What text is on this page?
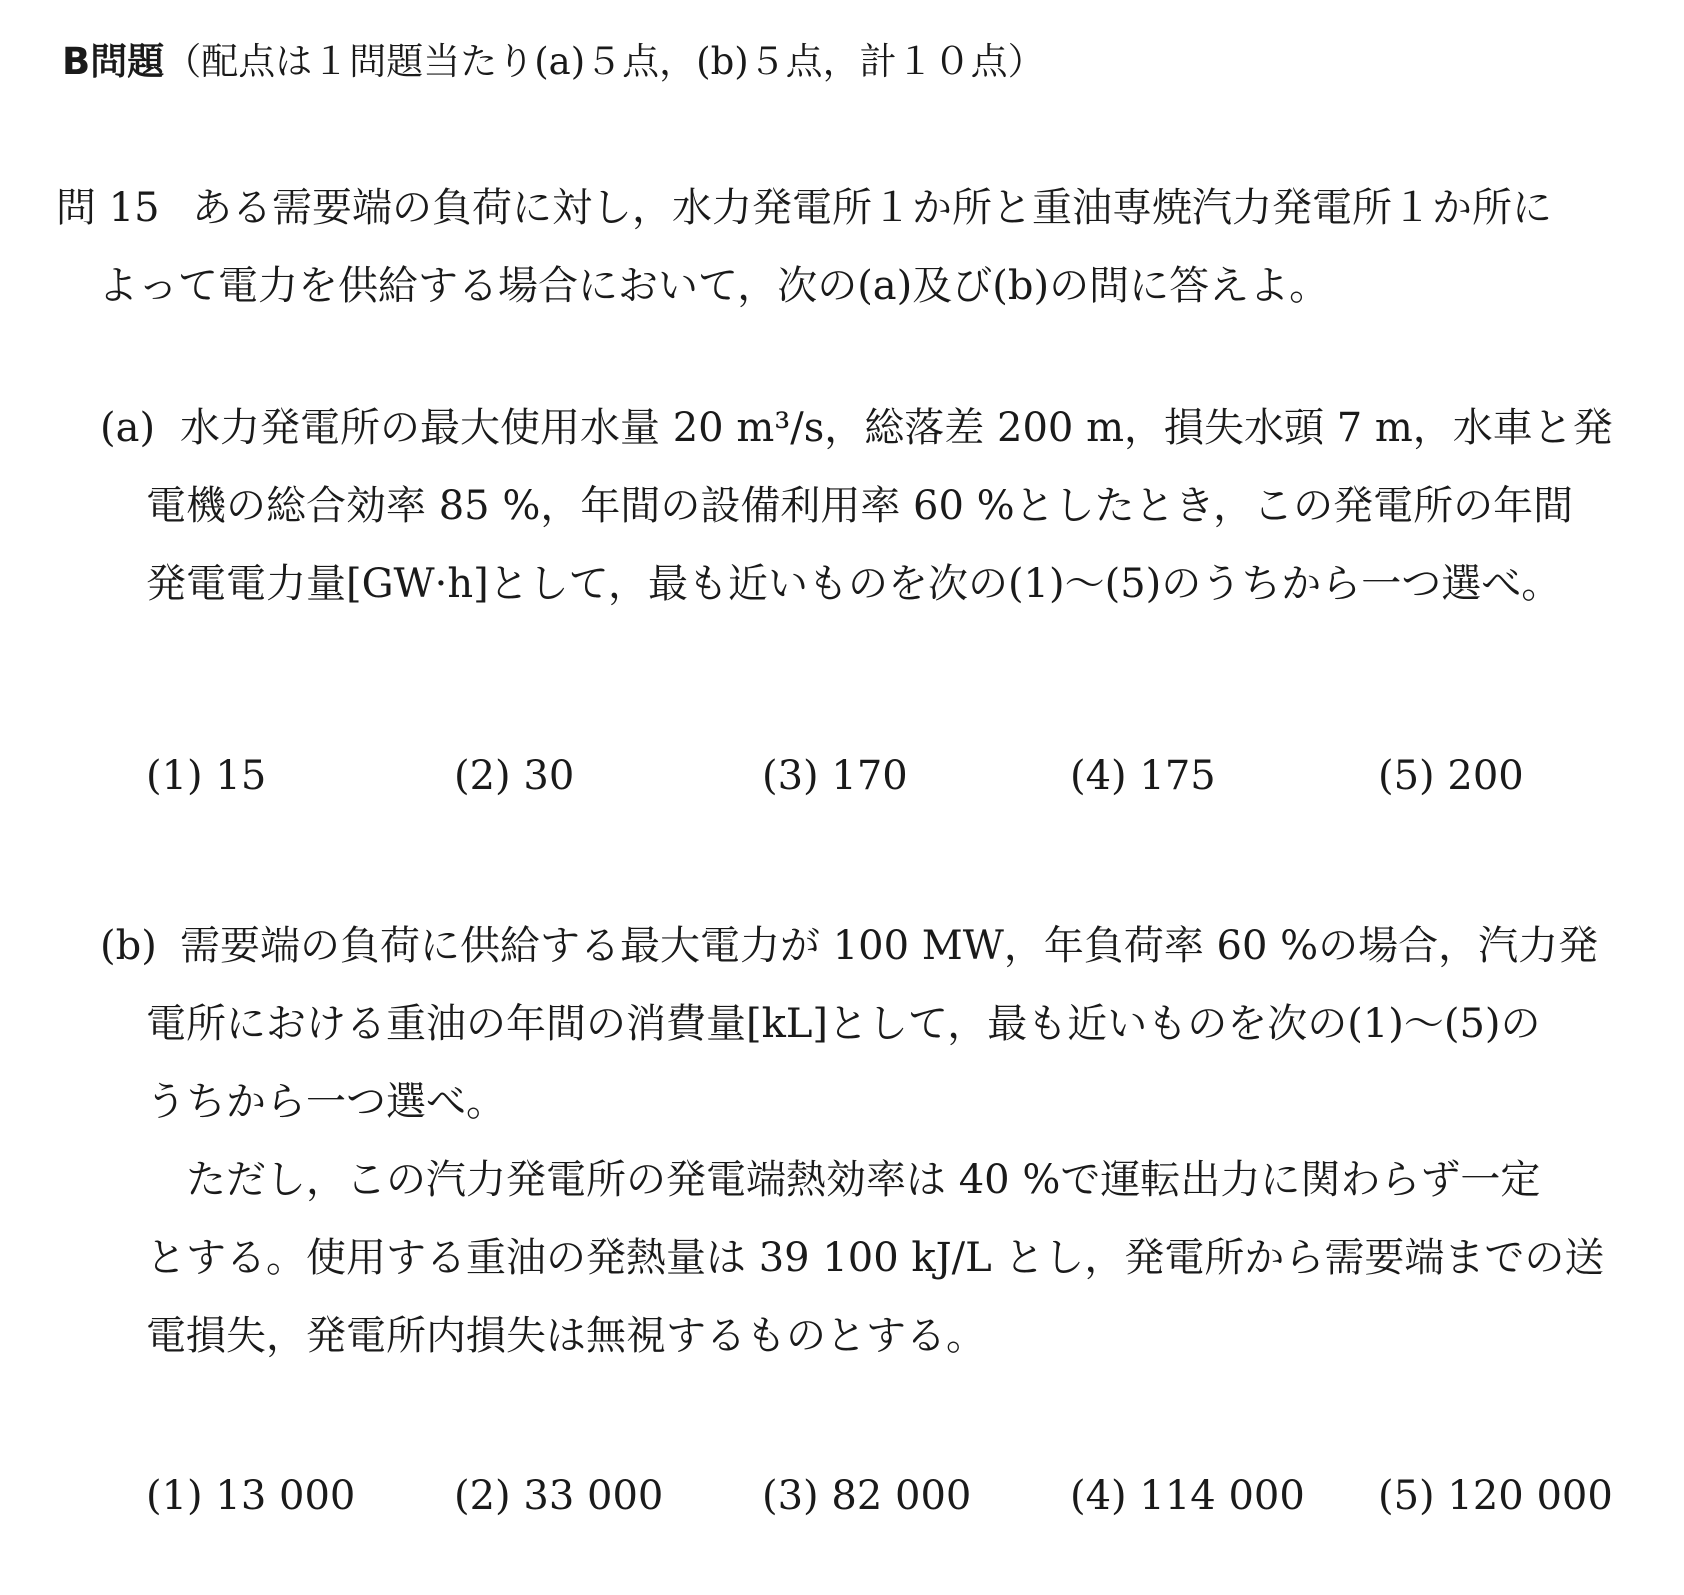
B問題（配点は１問題当たり(a)５点，(b)５点，計１０点）
問 15 ある需要端の負荷に対し，水力発電所１か所と重油専焼汽力発電所１か所に
よって電力を供給する場合において，次の(a)及び(b)の問に答えよ。
(a) 水力発電所の最大使用水量 20 m³/s，総落差 200 m，損失水頭 7 m，水車と発
電機の総合効率 85 %，年間の設備利用率 60 %としたとき，この発電所の年間
発電電力量[GW·h]として，最も近いものを次の(1)～(5)のうちから一つ選べ。
(1) 15	(2) 30	(3) 170	(4) 175	(5) 200
(b) 需要端の負荷に供給する最大電力が 100 MW，年負荷率 60 %の場合，汽力発
電所における重油の年間の消費量[kL]として，最も近いものを次の(1)～(5)の
うちから一つ選べ。
ただし，この汽力発電所の発電端熱効率は 40 %で運転出力に関わらず一定
とする。使用する重油の発熱量は 39 100 kJ/L とし，発電所から需要端までの送
電損失，発電所内損失は無視するものとする。
(1) 13 000	(2) 33 000	(3) 82 000	(4) 114 000	(5) 120 000
